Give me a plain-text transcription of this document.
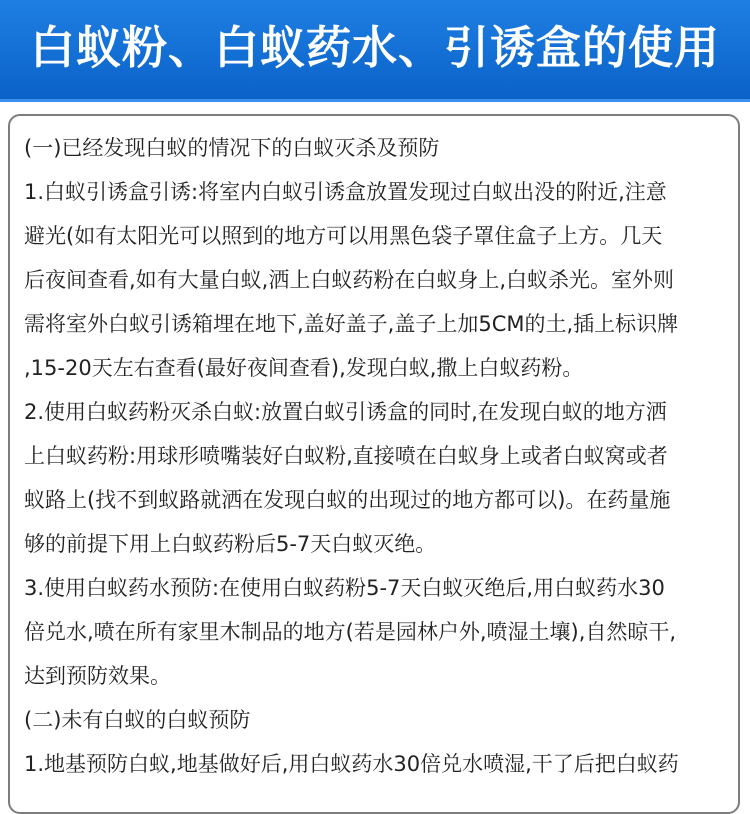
白蚁粉、白蚁药水、引诱盒的使用
(一)已经发现白蚁的情况下的白蚁灭杀及预防
1.白蚁引诱盒引诱:将室内白蚁引诱盒放置发现过白蚁出没的附近,注意
避光(如有太阳光可以照到的地方可以用黑色袋子罩住盒子上方。几天
后夜间查看,如有大量白蚁,洒上白蚁药粉在白蚁身上,白蚁杀光。室外则
需将室外白蚁引诱箱埋在地下,盖好盖子,盖子上加5CM的土,插上标识牌
,15-20天左右查看(最好夜间查看),发现白蚁,撒上白蚁药粉。
2.使用白蚁药粉灭杀白蚁:放置白蚁引诱盒的同时,在发现白蚁的地方洒
上白蚁药粉:用球形喷嘴装好白蚁粉,直接喷在白蚁身上或者白蚁窝或者
蚁路上(找不到蚁路就洒在发现白蚁的出现过的地方都可以)。在药量施
够的前提下用上白蚁药粉后5-7天白蚁灭绝。
3.使用白蚁药水预防:在使用白蚁药粉5-7天白蚁灭绝后,用白蚁药水30
倍兑水,喷在所有家里木制品的地方(若是园林户外,喷湿土壤),自然晾干,
达到预防效果。
(二)未有白蚁的白蚁预防
1.地基预防白蚁,地基做好后,用白蚁药水30倍兑水喷湿,干了后把白蚁药
